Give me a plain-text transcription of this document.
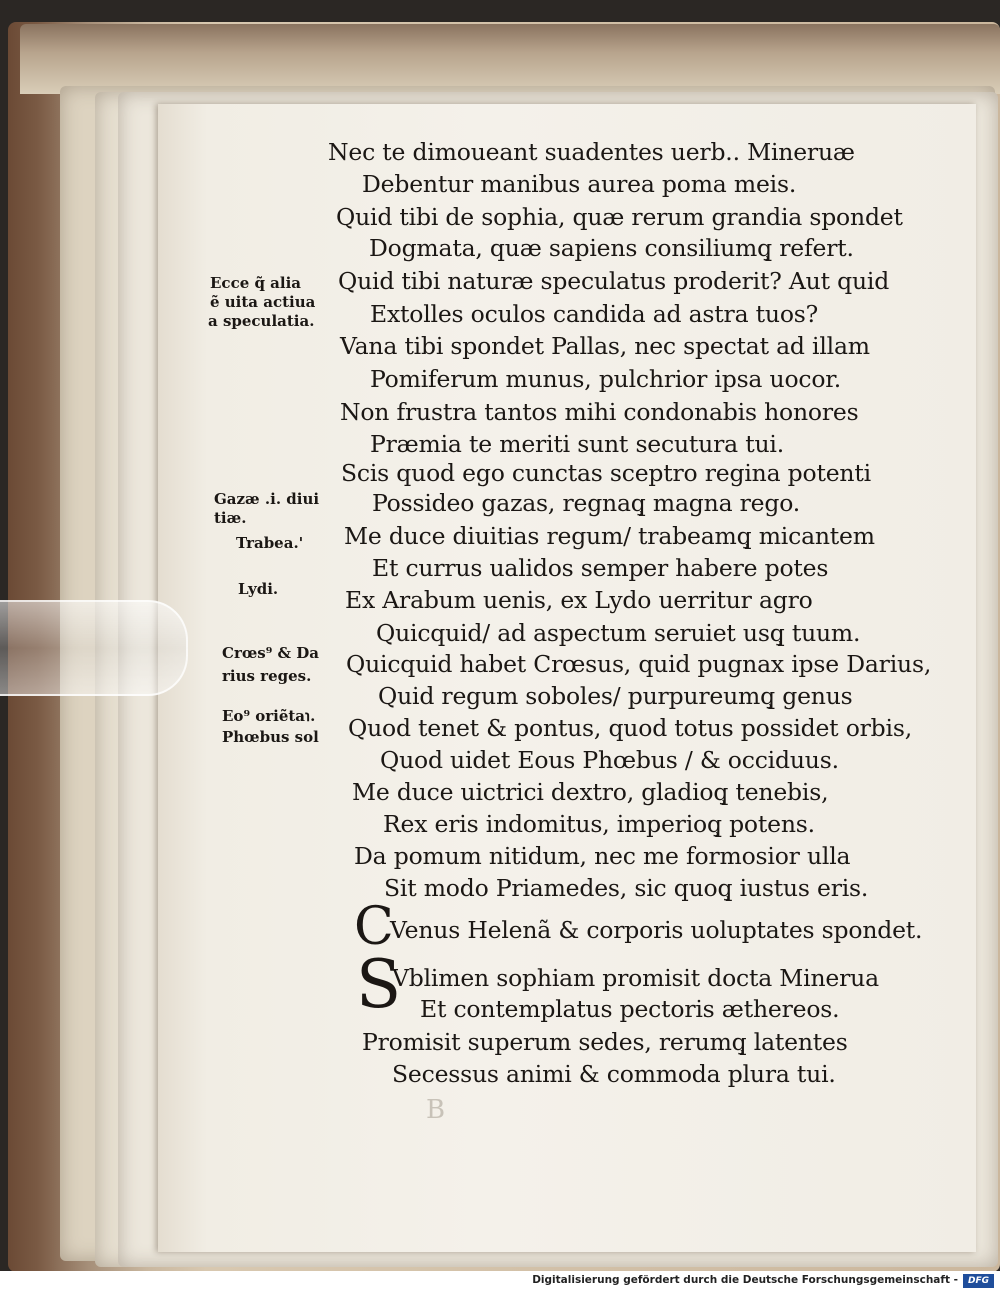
Nec te dimoueant suadentes uerb.. Mineruæ
Debentur manibus aurea poma meis.
Quid tibi de sophia, quæ rerum grandia spondet
Dogmata, quæ sapiens consiliumq̧ refert.
Quid tibi naturæ speculatus proderit? Aut quid
Extolles oculos candida ad astra tuos?
Vana tibi spondet Pallas, nec spectat ad illam
Pomiferum munus, pulchrior ipsa uocor.
Non frustra tantos mihi condonabis honores
Præmia te meriti sunt secutura tui.
Scis quod ego cunctas sceptro regina potenti
Possideo gazas, regnaq̧ magna rego.
Me duce diuitias regum/ trabeamq̧ micantem
Et currus ualidos semper habere potes
Ex Arabum uenis, ex Lydo uerritur agro
Quicquid/ ad aspectum seruiet usq̧ tuum.
Quicquid habet Crœsus, quid pugnax ipse Darius,
Quid regum soboles/ purpureumq̧ genus
Quod tenet & pontus, quod totus possidet orbis,
Quod uidet Eous Phœbus / & occiduus.
Me duce uictrici dextro, gladioq̧ tenebis,
Rex eris indomitus, imperioq̧ potens.
Da pomum nitidum, nec me formosior ulla
Sit modo Priamedes, sic quoq̧ iustus eris.
C
Venus Helenã & corporis uoluptates spondet.
S
Vblimen sophiam promisit docta Minerua
Et contemplatus pectoris æthereos.
Promisit superum sedes, rerumq̧ latentes
Secessus animi & commoda plura tui.
B
Ecce q̃ alia
ẽ uita actiua
a speculatia.
Gazæ .i. diui
tiæ.
Trabea.'
Lydi.
Crœs⁹ & Da
rius reges.
Eo⁹ oriẽta℩.
Phœbus sol
Digitalisierung gefördert durch die Deutsche Forschungsgemeinschaft -	DFG
